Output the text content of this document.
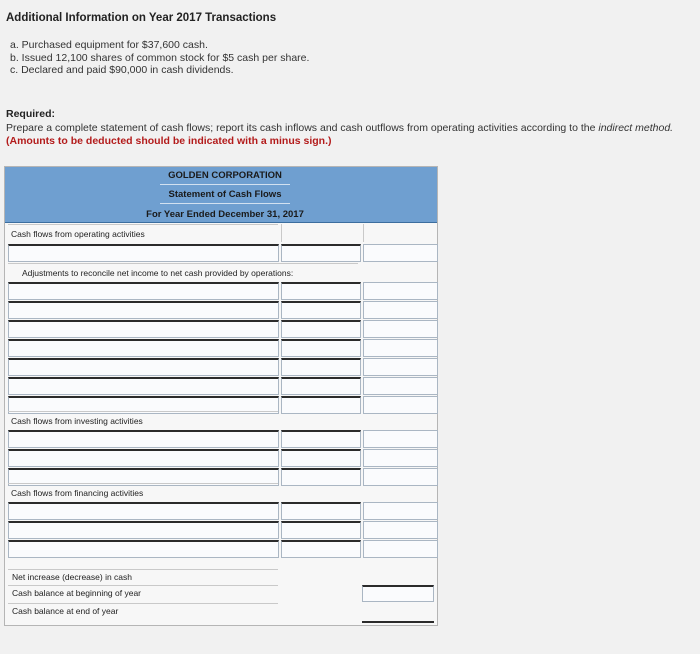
Additional Information on Year 2017 Transactions
a. Purchased equipment for $37,600 cash.
b. Issued 12,100 shares of common stock for $5 cash per share.
c. Declared and paid $90,000 in cash dividends.
Required:
Prepare a complete statement of cash flows; report its cash inflows and cash outflows from operating activities according to the indirect method. (Amounts to be deducted should be indicated with a minus sign.)
GOLDEN CORPORATION
Statement of Cash Flows
For Year Ended December 31, 2017
Cash flows from operating activities
Adjustments to reconcile net income to net cash provided by operations:
Cash flows from investing activities
Cash flows from financing activities
Net increase (decrease) in cash
Cash balance at beginning of year
Cash balance at end of year
